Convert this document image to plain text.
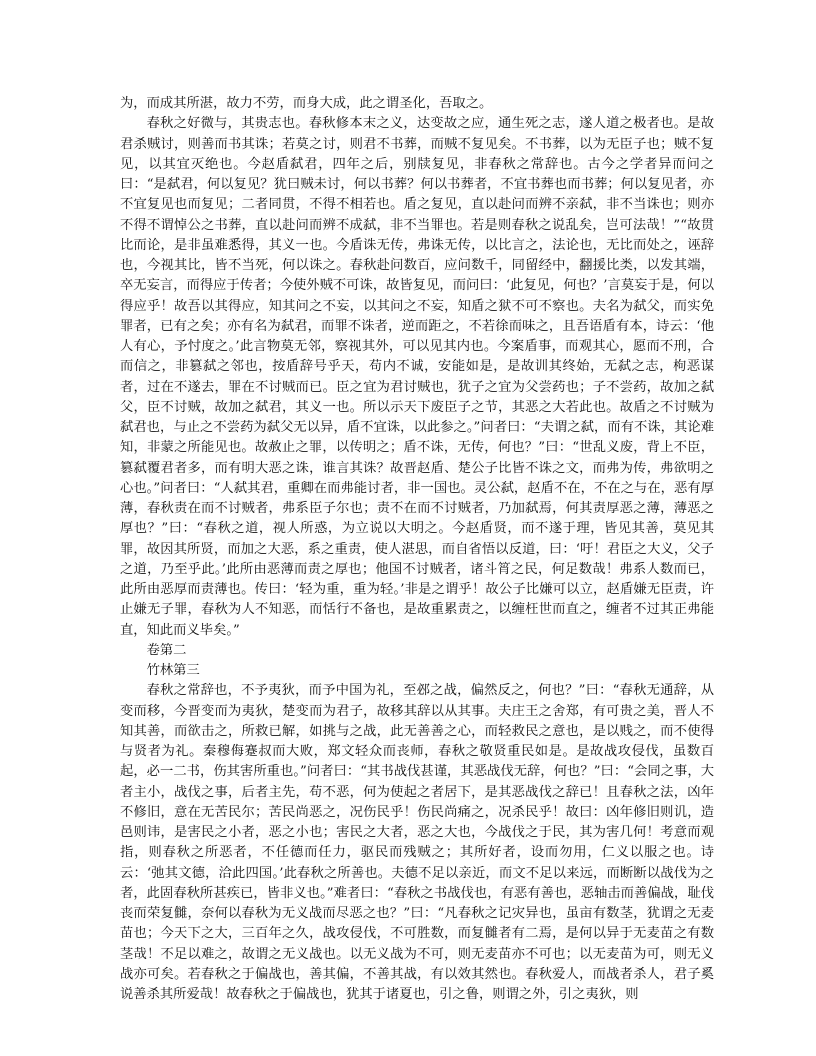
为，而成其所湛，故力不劳，而身大成，此之谓圣化，吾取之。

春秋之好微与，其贵志也。春秋修本末之义，达变故之应，通生死之志，遂人道之极者也。是故君杀贼讨，则善而书其诛；若莫之讨，则君不书葬，而贼不复见矣。不书葬，以为无臣子也；贼不复见，以其宜灭绝也。今赵盾弑君，四年之后，别牍复见，非春秋之常辞也。古今之学者异而问之曰：“是弑君，何以复见？犹曰贼未讨，何以书葬？何以书葬者，不宜书葬也而书葬；何以复见者，亦不宜复见也而复见；二者同贯，不得不相若也。盾之复见，直以赴问而辨不亲弑，非不当诛也；则亦不得不谓悼公之书葬，直以赴问而辨不成弑，非不当罪也。若是则春秋之说乱矣，岂可法哉！”“故贯比而论，是非虽难悉得，其义一也。今盾诛无传，弗诛无传，以比言之，法论也，无比而处之，诬辞也，今视其比，皆不当死，何以诛之。春秋赴问数百，应问数千，同留经中，翻援比类，以发其端，卒无妄言，而得应于传者；今使外贼不可诛，故皆复见，而问曰：‘此复见，何也？’言莫妄于是，何以得应乎！故吾以其得应，知其问之不妄，以其问之不妄，知盾之狱不可不察也。夫名为弑父，而实免罪者，已有之矣；亦有名为弑君，而罪不诛者，逆而距之，不若徐而味之，且吾语盾有本，诗云：‘他人有心，予忖度之。’此言物莫无邻，察视其外，可以见其内也。今案盾事，而观其心，愿而不刑，合而信之，非篡弑之邻也，按盾辞号乎天，苟内不诚，安能如是，是故训其终始，无弑之志，枸恶谋者，过在不遂去，罪在不讨贼而已。臣之宜为君讨贼也，犹子之宜为父尝药也；子不尝药，故加之弑父，臣不讨贼，故加之弑君，其义一也。所以示天下废臣子之节，其恶之大若此也。故盾之不讨贼为弑君也，与止之不尝药为弑父无以异，盾不宜诛，以此参之。”问者曰：“夫谓之弑，而有不诛，其论难知，非蒙之所能见也。故赦止之罪，以传明之；盾不诛，无传，何也？”曰：“世乱义废，背上不臣，篡弑覆君者多，而有明大恶之诛，谁言其诛？故晋赵盾、楚公子比皆不诛之文，而弗为传，弗欲明之心也。”问者曰：“人弑其君，重卿在而弗能讨者，非一国也。灵公弑，赵盾不在，不在之与在，恶有厚薄，春秋责在而不讨贼者，弗系臣子尔也；责不在而不讨贼者，乃加弑焉，何其责厚恶之薄，薄恶之厚也？”曰：“春秋之道，视人所惑，为立说以大明之。今赵盾贤，而不遂于理，皆见其善，莫见其罪，故因其所贤，而加之大恶，系之重责，使人湛思，而自省悟以反道，曰：‘吁！君臣之大义，父子之道，乃至乎此。’此所由恶薄而责之厚也；他国不讨贼者，诸斗筲之民，何足数哉！弗系人数而已，此所由恶厚而责薄也。传曰：‘轻为重，重为轻。’非是之谓乎！故公子比嫌可以立，赵盾嫌无臣责，许止嫌无子罪，春秋为人不知恶，而恬行不备也，是故重累责之，以缠枉世而直之，缠者不过其正弗能直，知此而义毕矣。”

卷第二

竹林第三

春秋之常辞也，不予夷狄，而予中国为礼，至邲之战，偏然反之，何也？”曰：“春秋无通辞，从变而移，今晋变而为夷狄，楚变而为君子，故移其辞以从其事。夫庄王之舍郑，有可贵之美，晋人不知其善，而欲击之，所救已解，如挑与之战，此无善善之心，而轻救民之意也，是以贱之，而不使得与贤者为礼。秦穆侮蹇叔而大败，郑文轻众而丧师，春秋之敬贤重民如是。是故战攻侵伐，虽数百起，必一二书，伤其害所重也。”问者曰：“其书战伐甚谨，其恶战伐无辞，何也？”曰：“会同之事，大者主小，战伐之事，后者主先，苟不恶，何为使起之者居下，是其恶战伐之辞已！且春秋之法，凶年不修旧，意在无苦民尔；苦民尚恶之，况伤民乎！伤民尚痛之，况杀民乎！故曰：凶年修旧则讥，造邑则讳，是害民之小者，恶之小也；害民之大者，恶之大也，今战伐之于民，其为害几何！考意而观指，则春秋之所恶者，不任德而任力，驱民而残贼之；其所好者，设而勿用，仁义以服之也。诗云：‘弛其文德，洽此四国。’此春秋之所善也。夫德不足以亲近，而文不足以来远，而断断以战伐为之者，此固春秋所甚疾已，皆非义也。”难者曰：“春秋之书战伐也，有恶有善也，恶轴击而善偏战，耻伐丧而荣复雠，奈何以春秋为无义战而尽恶之也？”曰：“凡春秋之记灾异也，虽亩有数茎，犹谓之无麦苗也；今天下之大，三百年之久，战攻侵伐，不可胜数，而复雠者有二焉，是何以异于无麦苗之有数茎哉！不足以难之，故谓之无义战也。以无义战为不可，则无麦苗亦不可也；以无麦苗为可，则无义战亦可矣。若春秋之于偏战也，善其偏，不善其战，有以效其然也。春秋爱人，而战者杀人，君子奚说善杀其所爱哉！故春秋之于偏战也，犹其于诸夏也，引之鲁，则谓之外，引之夷狄，则
